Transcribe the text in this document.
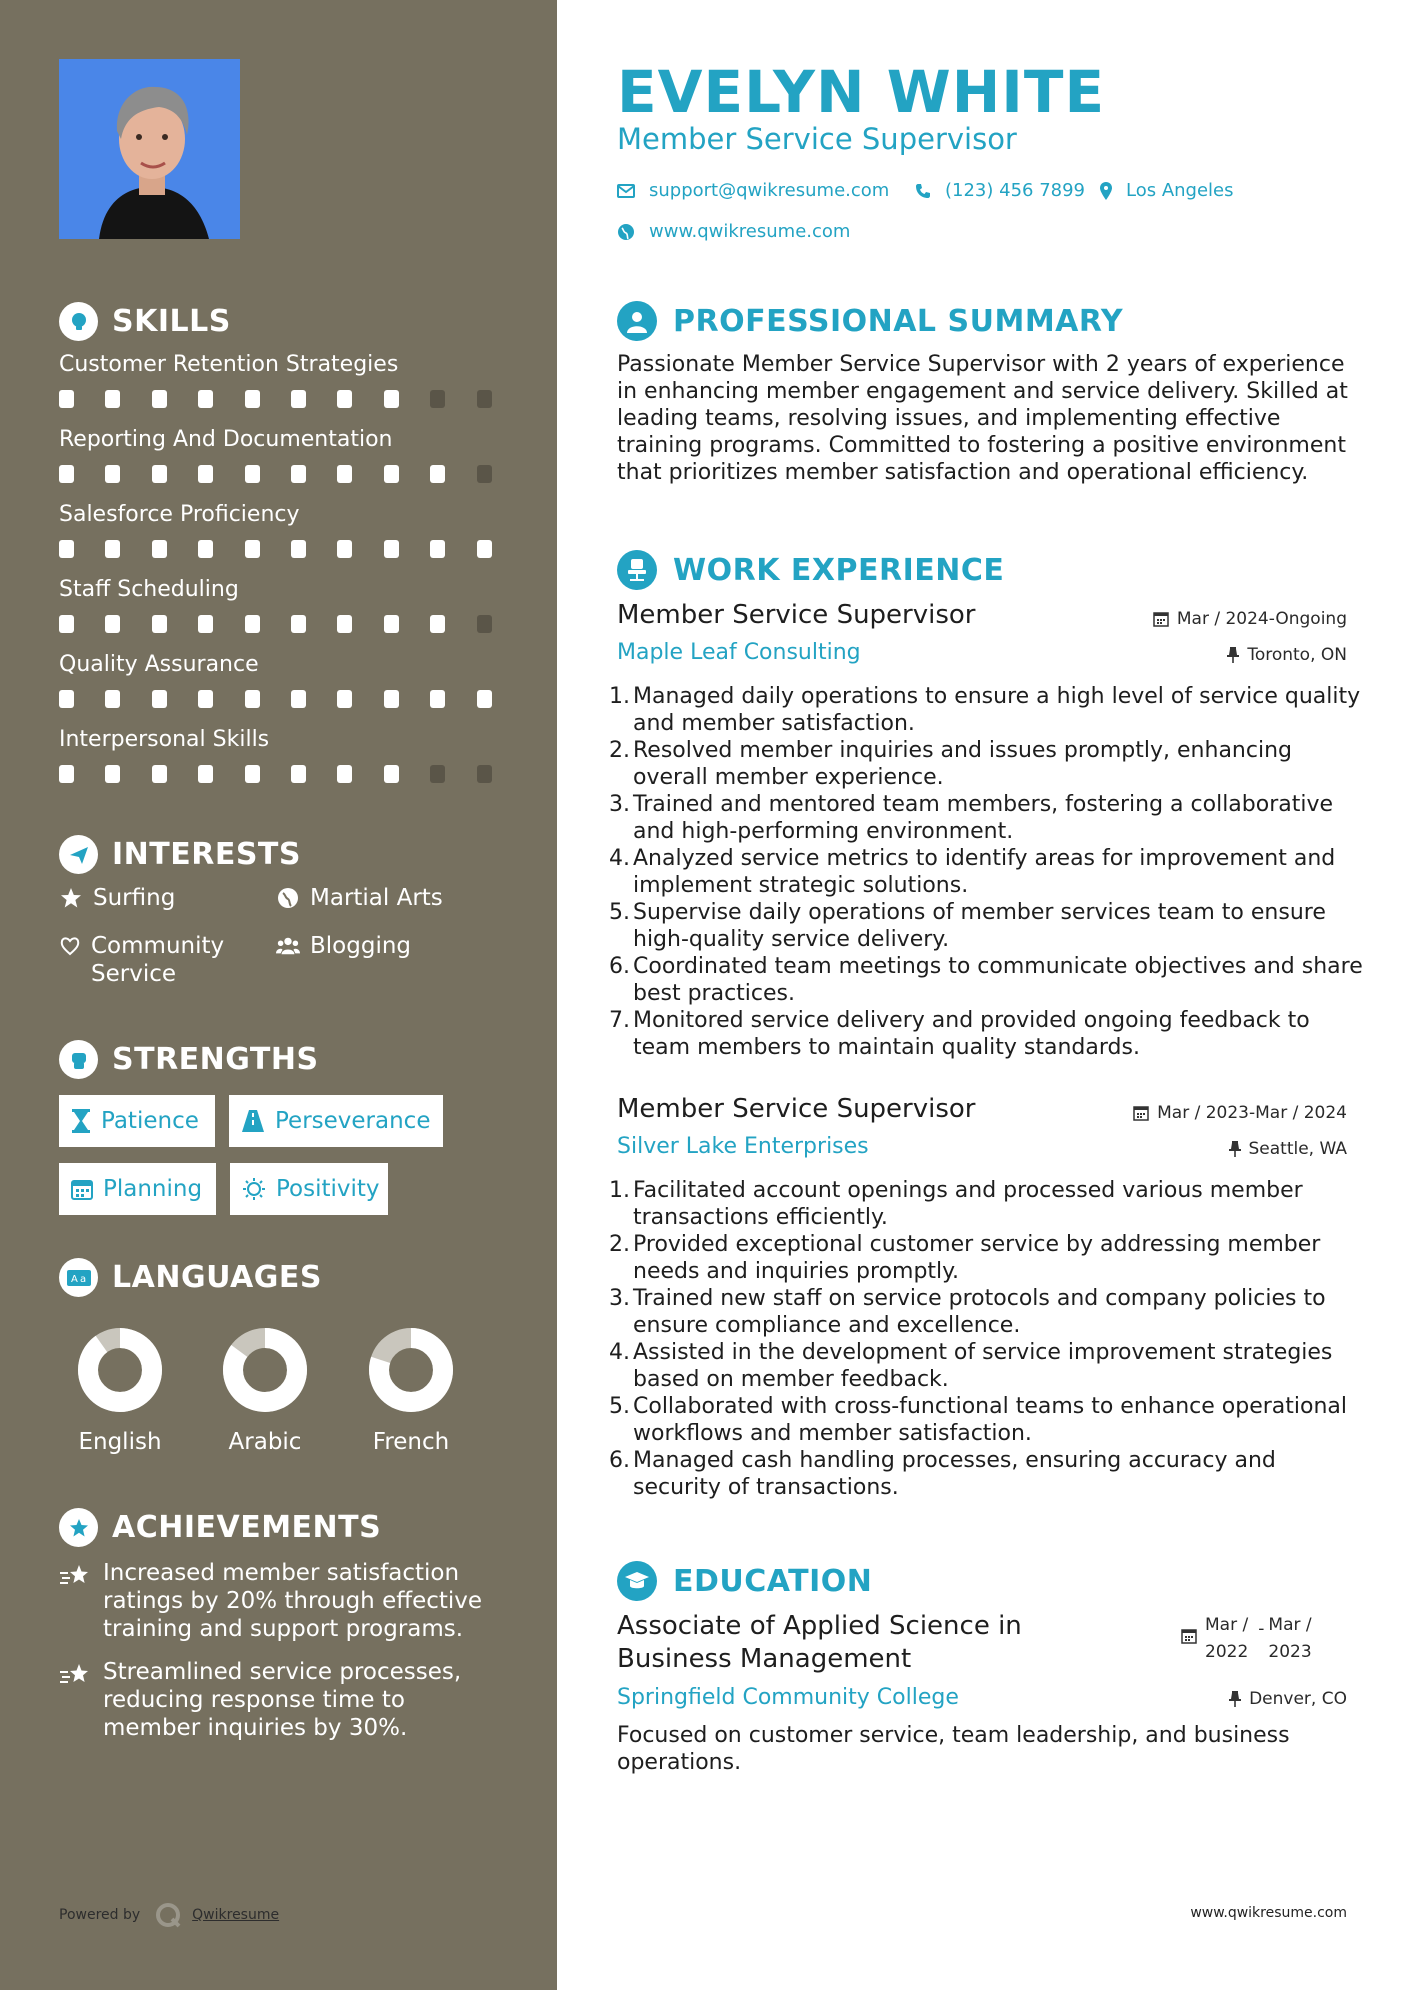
SKILLS
Customer Retention Strategies
Reporting And Documentation
Salesforce Proficiency
Staff Scheduling
Quality Assurance
Interpersonal Skills
INTERESTS
Surfing	Martial Arts
Community Service
Blogging
STRENGTHS
Patience	Perseverance
Planning	Positivity
A a LANGUAGES
English	Arabic	French
ACHIEVEMENTS
Increased member satisfaction ratings by 20% through effective training and support programs.
Streamlined service processes, reducing response time to member inquiries by 30%.
Powered by	Qwikresume
EVELYN WHITE
Member Service Supervisor
support@qwikresume.com	(123) 456 7899 Los Angeles
www.qwikresume.com
PROFESSIONAL SUMMARY
Passionate Member Service Supervisor with 2 years of experience in enhancing member engagement and service delivery. Skilled at leading teams, resolving issues, and implementing effective training programs. Committed to fostering a positive environment that prioritizes member satisfaction and operational efficiency.
WORK EXPERIENCE
Member Service Supervisor	Mar / 2024-Ongoing
Maple Leaf Consulting	Toronto, ON
1. Managed daily operations to ensure a high level of service quality and member satisfaction.
2. Resolved member inquiries and issues promptly, enhancing overall member experience.
3. Trained and mentored team members, fostering a collaborative and high-performing environment.
4. Analyzed service metrics to identify areas for improvement and implement strategic solutions.
5. Supervise daily operations of member services team to ensure high-quality service delivery.
6. Coordinated team meetings to communicate objectives and share best practices.
7. Monitored service delivery and provided ongoing feedback to team members to maintain quality standards.
Member Service Supervisor	Mar / 2023-Mar / 2024
Silver Lake Enterprises	Seattle, WA
1. Facilitated account openings and processed various member transactions efficiently.
2. Provided exceptional customer service by addressing member needs and inquiries promptly.
3. Trained new staff on service protocols and company policies to ensure compliance and excellence.
4. Assisted in the development of service improvement strategies based on member feedback.
5. Collaborated with cross-functional teams to enhance operational workflows and member satisfaction.
6. Managed cash handling processes, ensuring accuracy and security of transactions.
EDUCATION
Associate of Applied Science in
Business Management
Mar /
2022
- Mar /
2023
Springfield Community College	Denver, CO
Focused on customer service, team leadership, and business operations.
www.qwikresume.com
